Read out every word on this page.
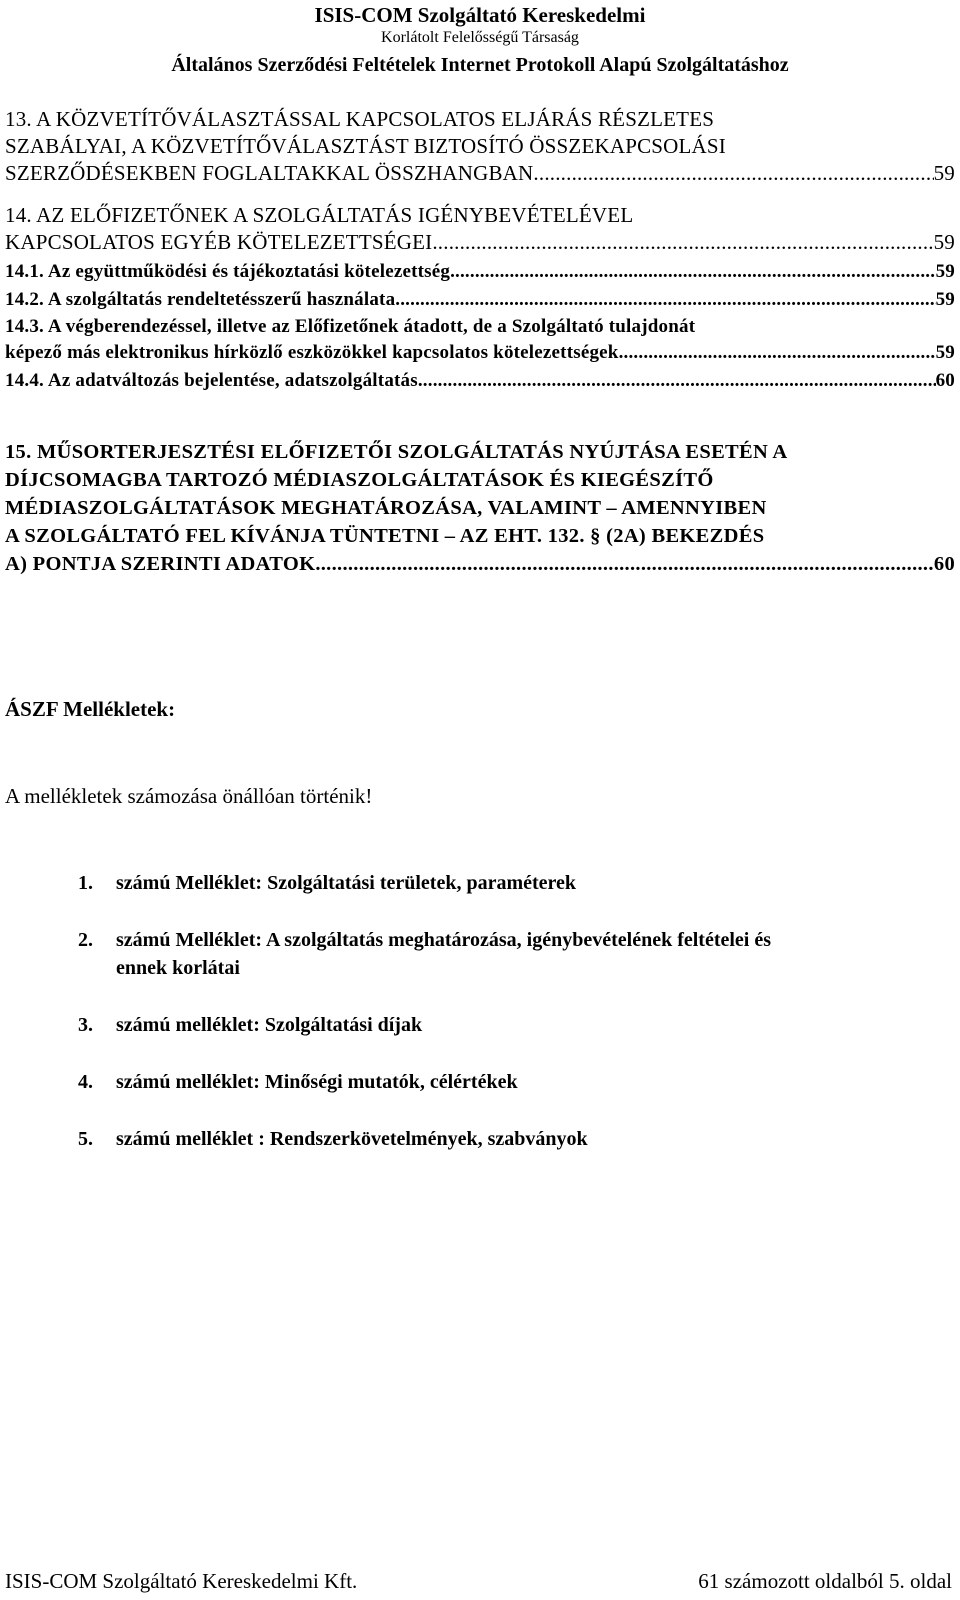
ISIS-COM Szolgáltató Kereskedelmi
Korlátolt Felelősségű Társaság
Általános Szerződési Feltételek Internet Protokoll Alapú Szolgáltatáshoz
13. A KÖZVETÍTŐVÁLASZTÁSSAL KAPCSOLATOS ELJÁRÁS RÉSZLETES
SZABÁLYAI, A KÖZVETÍTŐVÁLASZTÁST BIZTOSÍTÓ ÖSSZEKAPCSOLÁSI
SZERZŐDÉSEKBEN FOGLALTAKKAL ÖSSZHANGBAN .....	59
14. AZ ELŐFIZETŐNEK A SZOLGÁLTATÁS IGÉNYBEVÉTELÉVEL
KAPCSOLATOS EGYÉB KÖTELEZETTSÉGEI .....	59
14.1. Az együttműködési és tájékoztatási kötelezettség .....	59
14.2. A szolgáltatás rendeltetésszerű használata .....	59
14.3. A végberendezéssel, illetve az Előfizetőnek átadott, de a Szolgáltató tulajdonát
képező más elektronikus hírközlő eszközökkel kapcsolatos kötelezettségek .....	59
14.4. Az adatváltozás bejelentése, adatszolgáltatás .....	60
15. MŰSORTERJESZTÉSI ELŐFIZETŐI SZOLGÁLTATÁS NYÚJTÁSA ESETÉN A
DÍJCSOMAGBA TARTOZÓ MÉDIASZOLGÁLTATÁSOK ÉS KIEGÉSZÍTŐ
MÉDIASZOLGÁLTATÁSOK MEGHATÁROZÁSA, VALAMINT – AMENNYIBEN
A SZOLGÁLTATÓ FEL KÍVÁNJA TÜNTETNI – AZ EHT. 132. § (2A) BEKEZDÉS
A) PONTJA SZERINTI ADATOK. .....	60
ÁSZF Mellékletek:
A mellékletek számozása önállóan történik!
1. számú Melléklet: Szolgáltatási területek, paraméterek
2. számú Melléklet: A szolgáltatás meghatározása, igénybevételének feltételei és
ennek korlátai
3. számú melléklet: Szolgáltatási díjak
4. számú melléklet: Minőségi mutatók, célértékek
5. számú melléklet : Rendszerkövetelmények, szabványok
ISIS-COM Szolgáltató Kereskedelmi Kft.	61 számozott oldalból 5. oldal
